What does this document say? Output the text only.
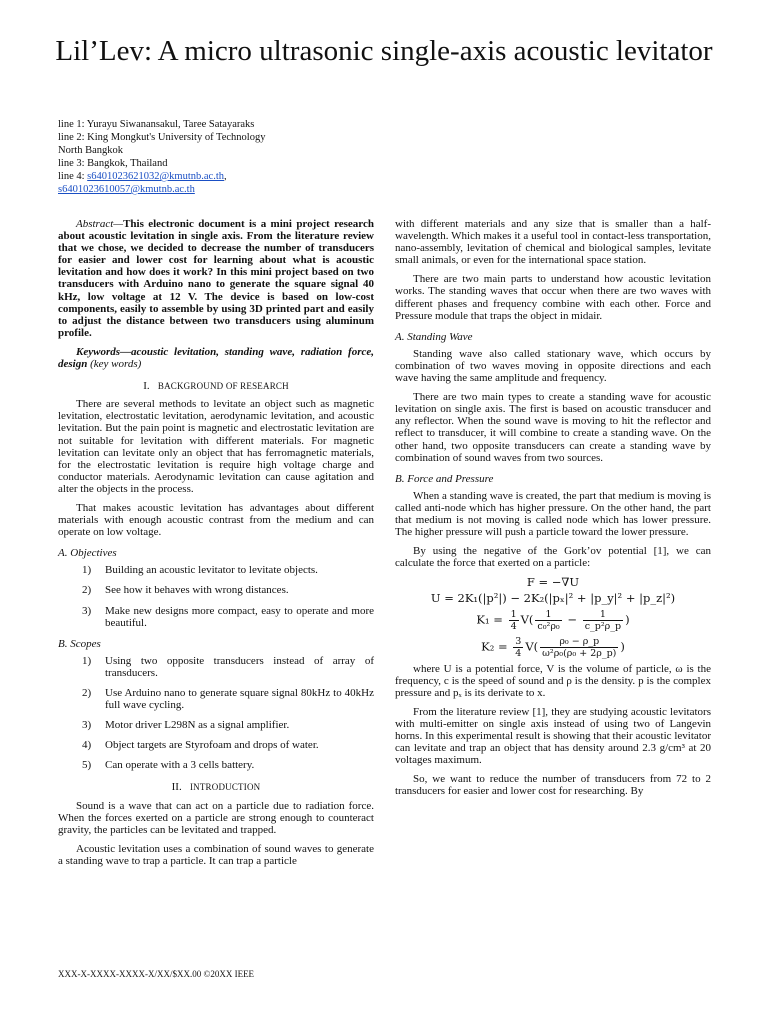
Lil’Lev: A micro ultrasonic single-axis acoustic levitator
line 1: Yurayu Siwanansakul, Taree Satayaraks
line 2: King Mongkut's University of Technology North Bangkok
line 3: Bangkok, Thailand
line 4: s6401023621032@kmutnb.ac.th,
s6401023610057@kmutnb.ac.th

Abstract—This electronic document is a mini project research about acoustic levitation in single axis. From the literature review that we chose, we decided to decrease the number of transducers for easier and lower cost for learning about what is acoustic levitation and how does it work? In this mini project based on two transducers with Arduino nano to generate the square signal 40 kHz, low voltage at 12 V. The device is based on low-cost components, easily to assemble by using 3D printed part and easily to adjust the distance between two transducers using aluminum profile.

Keywords—acoustic levitation, standing wave, radiation force, design (key words)

I. BACKGROUND OF RESEARCH

There are several methods to levitate an object such as magnetic levitation, electrostatic levitation, aerodynamic levitation, and acoustic levitation. But the pain point is magnetic and electrostatic levitation are not suitable for levitation with different materials. For magnetic levitation can levitate only an object that has ferromagnetic materials, for the electrostatic levitation is require high voltage charge and conductor materials. Aerodynamic levitation can cause agitation and alter the objects in the process.

That makes acoustic levitation has advantages about different materials with enough acoustic contrast from the medium and can operate on low voltage.

A. Objectives
1) Building an acoustic levitator to levitate objects.
2) See how it behaves with wrong distances.
3) Make new designs more compact, easy to operate and more beautiful.
B. Scopes
1) Using two opposite transducers instead of array of transducers.
2) Use Arduino nano to generate square signal 80kHz to 40kHz full wave cycling.
3) Motor driver L298N as a signal amplifier.
4) Object targets are Styrofoam and drops of water.
5) Can operate with a 3 cells battery.
II. INTRODUCTION

Sound is a wave that can act on a particle due to radiation force. When the forces exerted on a particle are strong enough to counteract gravity, the particles can be levitated and trapped.

Acoustic levitation uses a combination of sound waves to generate a standing wave to trap a particle. It can trap a particle

with different materials and any size that is smaller than a half-wavelength. Which makes it a useful tool in contact-less transportation, nano-assembly, levitation of chemical and biological samples, levitate small animals, or even for the international space station.

There are two main parts to understand how acoustic levitation works. The standing waves that occur when there are two waves with different phases and frequency combine with each other. Force and Pressure module that traps the object in midair.

A. Standing Wave

Standing wave also called stationary wave, which occurs by combination of two waves moving in opposite directions and each wave having the same amplitude and frequency.

There are two main types to create a standing wave for acoustic levitation on single axis. The first is based on acoustic transducer and any reflector. When the sound wave is moving to hit the reflector and reflect to transducer, it will combine to create a standing wave. On the other hand, two opposite transducers can create a standing wave by combination of sound waves from two sources.

B. Force and Pressure

When a standing wave is created, the part that medium is moving is called anti-node which has higher pressure. On the other hand, the part that medium is not moving is called node which has lower pressure. The higher pressure will push a particle toward the lower pressure.

By using the negative of the Gork’ov potential [1], we can calculate the force that exerted on a particle:

F = −∇U
U = 2K₁(|p²|) − 2K₂(|pₓ|² + |p_y|² + |p_z|²)
$K_1 = \frac{1}{4} V( \frac{1}{\text{c₀²ρ₀}} - \frac{1}{\text{c\_p²ρ\_p}}$ )
$K_2 = \frac{3}{4} V( \frac{\text{ρ₀ − ρ\_p}}{\text{ω²ρ₀(ρ₀ + 2ρ\_p)}}$ )

where U is a potential force, V is the volume of particle, ω is the frequency, c is the speed of sound and ρ is the density. p is the complex pressure and pₓ is its derivate to x.

From the literature review [1], they are studying acoustic levitators with multi-emitter on single axis instead of using two of Langevin horns. In this experimental result is showing that their acoustic levitator can levitate and trap an object that has density around 2.3 g/cm³ at 20 voltages maximum.

So, we want to reduce the number of transducers from 72 to 2 transducers for easier and lower cost for researching. By

XXX-X-XXXX-XXXX-X/XX/$XX.00 ©20XX IEEE
